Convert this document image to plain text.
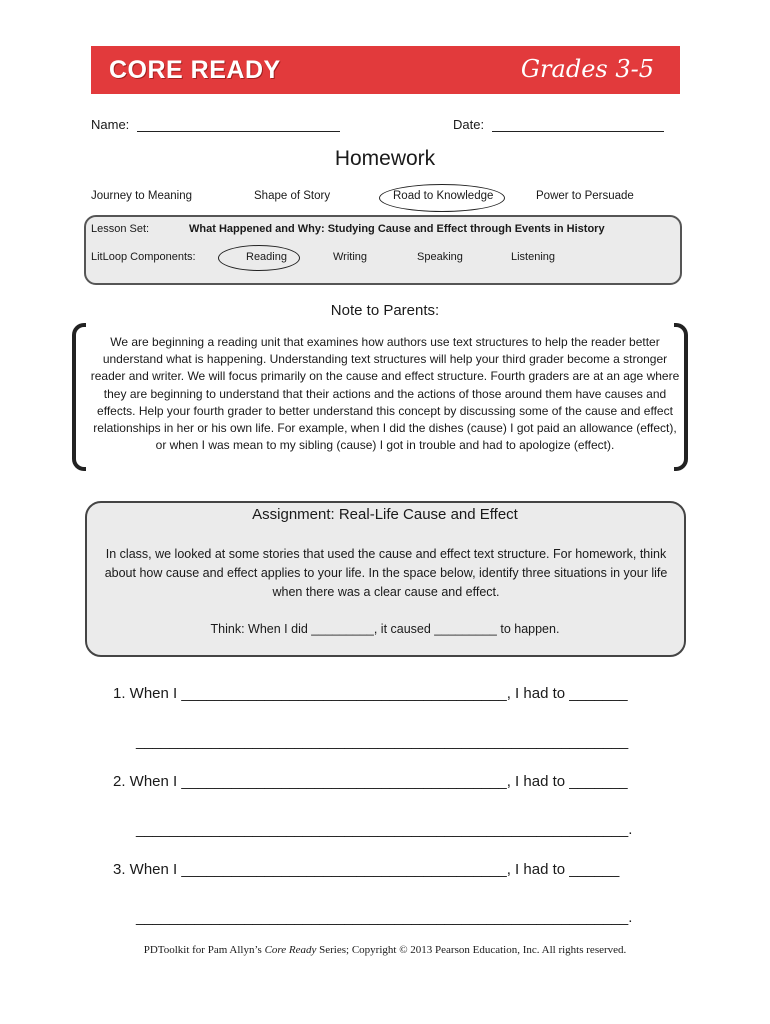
CORE READY	Grades 3-5
Name:	Date:
Homework
Journey to Meaning	Shape of Story	Road to Knowledge	Power to Persuade
Lesson Set:	What Happened and Why: Studying Cause and Effect through Events in History
LitLoop Components:	Reading	Writing	Speaking	Listening
Note to Parents:
We are beginning a reading unit that examines how authors use text structures to help the reader better understand what is happening. Understanding text structures will help your third grader become a stronger reader and writer. We will focus primarily on the cause and effect structure. Fourth graders are at an age where they are beginning to understand that their actions and the actions of those around them have causes and effects. Help your fourth grader to better understand this concept by discussing some of the cause and effect relationships in her or his own life. For example, when I did the dishes (cause) I got paid an allowance (effect), or when I was mean to my sibling (cause) I got in trouble and had to apologize (effect).
Assignment: Real-Life Cause and Effect
In class, we looked at some stories that used the cause and effect text structure. For homework, think about how cause and effect applies to your life. In the space below, identify three situations in your life when there was a clear cause and effect.
Think: When I did _________, it caused _________ to happen.
1. When I _______________________________________, I had to _______
___________________________________________________________
2. When I _______________________________________, I had to _______
___________________________________________________________.
3. When I _______________________________________, I had to ______
___________________________________________________________.
PDToolkit for Pam Allyn’s Core Ready Series; Copyright © 2013 Pearson Education, Inc. All rights reserved.
